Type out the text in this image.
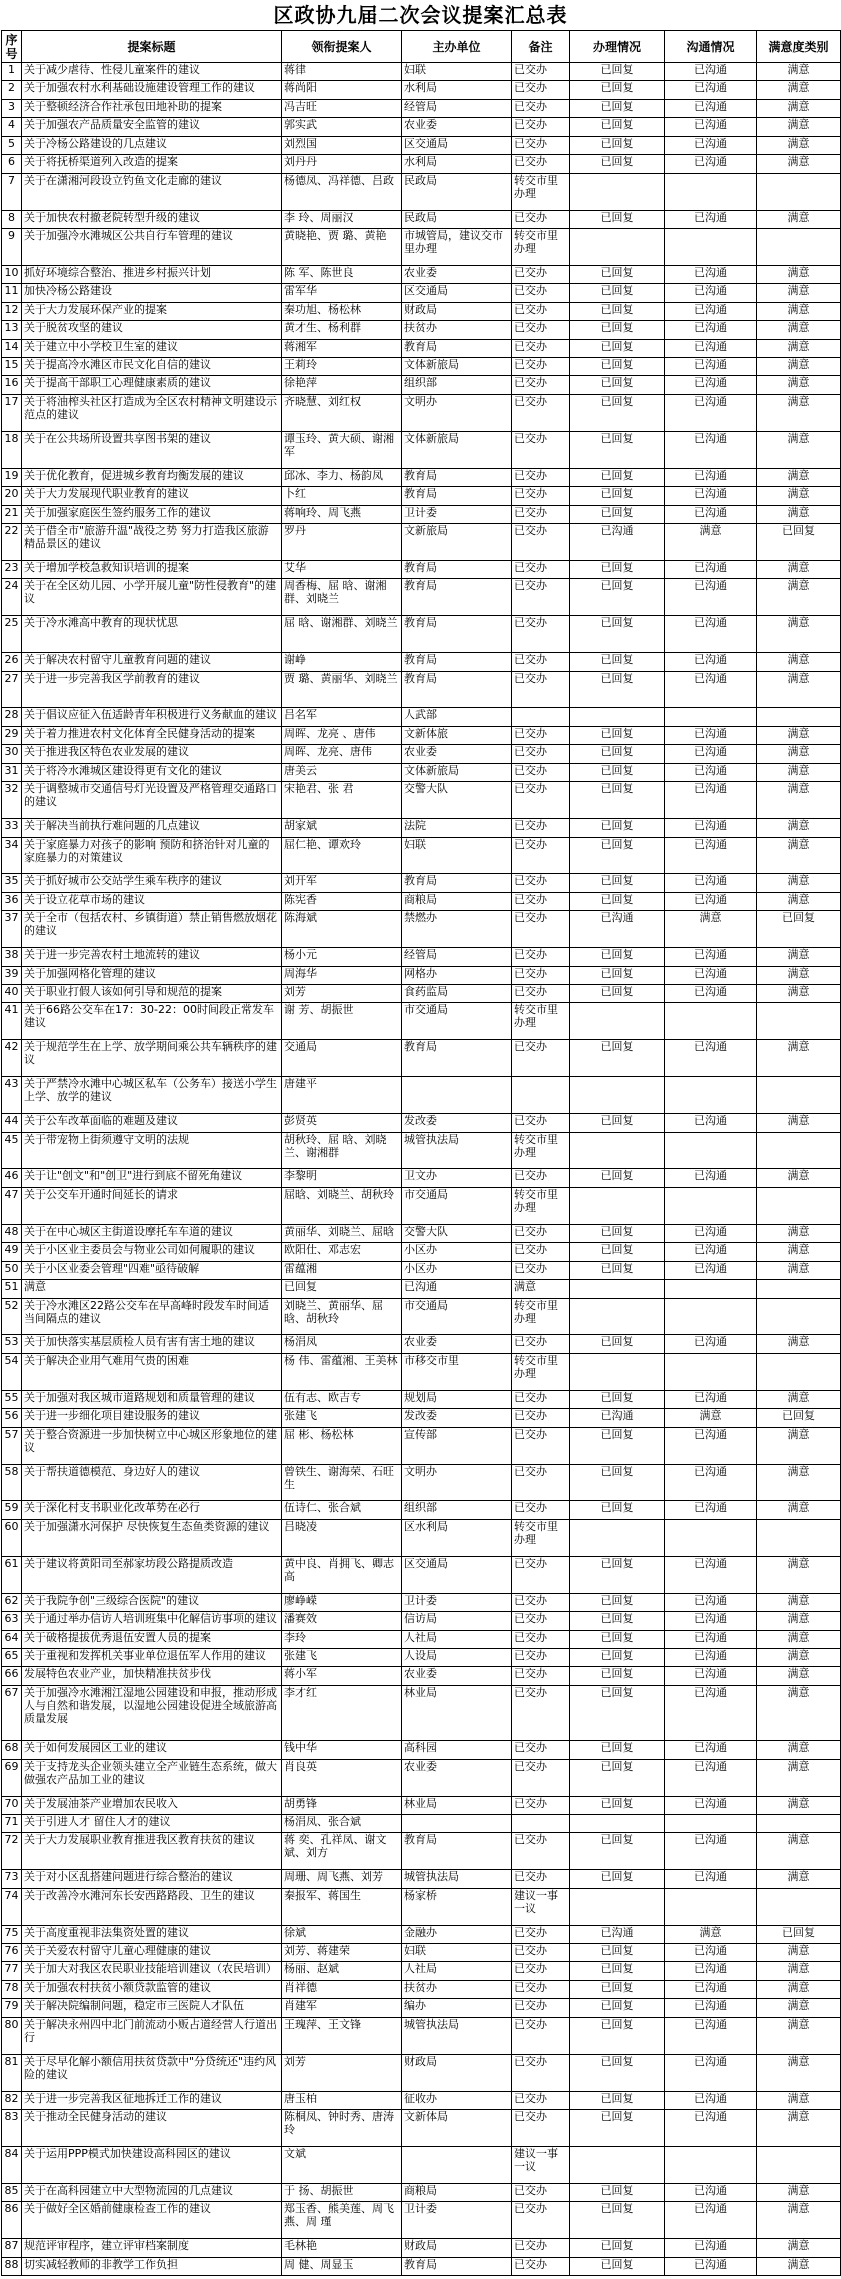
区政协九届二次会议提案汇总表
序号	提案标题	领衔提案人	主办单位	备注	办理情况	沟通情况	满意度类别
1	关于减少虐待、性侵儿童案件的建议	蒋律	妇联	已交办	已回复	已沟通	满意
2	关于加强农村水利基础设施建设管理工作的建议	蒋尚阳	水利局	已交办	已回复	已沟通	满意
3	关于整顿经济合作社承包田地补助的提案	冯吉旺	经管局	已交办	已回复	已沟通	满意
4	关于加强农产品质量安全监管的建议	郭实武	农业委	已交办	已回复	已沟通	满意
5	关于冷杨公路建设的几点建议	刘烈国	区交通局	已交办	已回复	已沟通	满意
6	关于将抚桥渠道列入改造的提案	刘丹丹	水利局	已交办	已回复	已沟通	满意
7	关于在潇湘河段设立钓鱼文化走廊的建议	杨德凤、冯祥德、吕政	民政局	转交市里办理			
8	关于加快农村撤老院转型升级的建议	李 玲、周丽汉	民政局	已交办	已回复	已沟通	满意
9	关于加强冷水滩城区公共自行车管理的建议	黄晓艳、贾 璐、黄艳	市城管局，建议交市里办理	转交市里办理			
10	抓好环境综合整治、推进乡村振兴计划	陈 军、陈世良	农业委	已交办	已回复	已沟通	满意
11	加快冷杨公路建设	雷军华	区交通局	已交办	已回复	已沟通	满意
12	关于大力发展环保产业的提案	秦功旭、杨松林	财政局	已交办	已回复	已沟通	满意
13	关于脱贫攻坚的建议	黄才生、杨利群	扶贫办	已交办	已回复	已沟通	满意
14	关于建立中小学校卫生室的建议	蒋湘军	教育局	已交办	已回复	已沟通	满意
15	关于提高冷水滩区市民文化自信的建议	王莉玲	文体新旅局	已交办	已回复	已沟通	满意
16	关于提高干部职工心理健康素质的建议	徐艳萍	组织部	已交办	已回复	已沟通	满意
17	关于将油榨头社区打造成为全区农村精神文明建设示范点的建议	齐晓慧、刘红权	文明办	已交办	已回复	已沟通	满意
18	关于在公共场所设置共享图书架的建议	谭玉玲、黄大硕、谢湘军	文体新旅局	已交办	已回复	已沟通	满意
19	关于优化教育，促进城乡教育均衡发展的建议	邱冰、李力、杨韵凤	教育局	已交办	已回复	已沟通	满意
20	关于大力发展现代职业教育的建议	卜红	教育局	已交办	已回复	已沟通	满意
21	关于加强家庭医生签约服务工作的建议	蒋响玲、周飞燕	卫计委	已交办	已回复	已沟通	满意
22	关于借全市"旅游升温"战役之势 努力打造我区旅游精品景区的建议	罗丹	文新旅局	已交办	已沟通	满意	已回复
23	关于增加学校急救知识培训的提案	艾华	教育局	已交办	已回复	已沟通	满意
24	关于在全区幼儿园、小学开展儿童"防性侵教育"的建议	周香梅、屈 晗、谢湘群、刘晓兰	教育局	已交办	已回复	已沟通	满意
25	关于冷水滩高中教育的现状忧思	屈 晗、谢湘群、刘晓兰	教育局	已交办	已回复	已沟通	满意
26	关于解决农村留守儿童教育问题的建议	谢峥	教育局	已交办	已回复	已沟通	满意
27	关于进一步完善我区学前教育的建议	贾 璐、黄丽华、刘晓兰	教育局	已交办	已回复	已沟通	满意
28	关于倡议应征入伍适龄青年积极进行义务献血的建议	吕名军	人武部				
29	关于着力推进农村文化体育全民健身活动的提案	周晖、龙亮 、唐伟	文新体旅	已交办	已回复	已沟通	满意
30	关于推进我区特色农业发展的建议	周晖、龙亮、唐伟	农业委	已交办	已回复	已沟通	满意
31	关于将冷水滩城区建设得更有文化的建议	唐美云	文体新旅局	已交办	已回复	已沟通	满意
32	关于调整城市交通信号灯光设置及严格管理交通路口的建议	宋艳君、张 君	交警大队	已交办	已回复	已沟通	满意
33	关于解决当前执行难问题的几点建议	胡家斌	法院	已交办	已回复	已沟通	满意
34	关于家庭暴力对孩子的影响 预防和挤治针对儿童的家庭暴力的对策建议	屈仁艳、谭欢玲	妇联	已交办	已回复	已沟通	满意
35	关于抓好城市公交站学生乘车秩序的建议	刘开军	教育局	已交办	已回复	已沟通	满意
36	关于设立花草市场的建议	陈宪香	商粮局	已交办	已回复	已沟通	满意
37	关于全市（包括农村、乡镇街道）禁止销售燃放烟花的建议	陈海斌	禁燃办	已交办	已沟通	满意	已回复
38	关于进一步完善农村土地流转的建议	杨小元	经管局	已交办	已回复	已沟通	满意
39	关于加强网格化管理的建议	周海华	网格办	已交办	已回复	已沟通	满意
40	关于职业打假人该如何引导和规范的提案	刘芳	食药监局	已交办	已回复	已沟通	满意
41	关于66路公交车在17：30-22：00时间段正常发车建议	谢 芳、胡振世	市交通局	转交市里办理			
42	关于规范学生在上学、放学期间乘公共车辆秩序的建议	交通局	教育局	已交办	已回复	已沟通	满意
43	关于严禁冷水滩中心城区私车（公务车）接送小学生上学、放学的建议	唐建平					
44	关于公车改革面临的难题及建议	彭贤英	发改委	已交办	已回复	已沟通	满意
45	关于带宠物上街须遵守文明的法规	胡秋玲、屈 晗、刘晓兰、谢湘群	城管执法局	转交市里办理			
46	关于让"创文"和"创卫"进行到底不留死角建议	李黎明	卫文办	已交办	已回复	已沟通	满意
47	关于公交车开通时间延长的请求	屈晗、刘晓兰、胡秋玲	市交通局	转交市里办理			
48	关于在中心城区主街道设摩托车车道的建议	黄丽华、刘晓兰、屈晗	交警大队	已交办	已回复	已沟通	满意
49	关于小区业主委员会与物业公司如何履职的建议	欧阳仕、邓志宏	小区办	已交办	已回复	已沟通	满意
50	关于小区业委会管理"四难"亟待破解	雷蕴湘	小区办	已交办	已回复	已沟通	满意
51	满意	已回复	已沟通	满意			
52	关于冷水滩区22路公交车在早高峰时段发车时间适当间隔点的建议	刘晓兰、黄丽华、屈晗、胡秋玲	市交通局	转交市里办理			
53	关于加快落实基层质检人员有害有害土地的建议	杨涓凤	农业委	已交办	已回复	已沟通	满意
54	关于解决企业用气难用气贵的困难	杨 伟、雷蕴湘、王美林	市移交市里	转交市里办理			
55	关于加强对我区城市道路规划和质量管理的建议	伍有志、欧吉专	规划局	已交办	已回复	已沟通	满意
56	关于进一步细化项目建设服务的建议	张建飞	发改委	已交办	已沟通	满意	已回复
57	关于整合资源进一步加快树立中心城区形象地位的建议	屈 彬、杨松林	宣传部	已交办	已回复	已沟通	满意
58	关于帮扶道德模范、身边好人的建议	曾铁生、谢海荣、石旺生	文明办	已交办	已回复	已沟通	满意
59	关于深化村支书职业化改革势在必行	伍诗仁、张合斌	组织部	已交办	已回复	已沟通	满意
60	关于加强潇水河保护 尽快恢复生态鱼类资源的建议	吕晓凌	区水利局	转交市里办理			
61	关于建议将黄阳司至郝家坊段公路提质改造	黄中良、肖拥飞、卿志高	区交通局	已交办	已回复	已沟通	满意
62	关于我院争创"三级综合医院"的建议	廖峥嵘	卫计委	已交办	已回复	已沟通	满意
63	关于通过举办信访人培训班集中化解信访事项的建议	潘赛效	信访局	已交办	已回复	已沟通	满意
64	关于破格提拔优秀退伍安置人员的提案	李玲	人社局	已交办	已回复	已沟通	满意
65	关于重视和发挥机关事业单位退伍军人作用的建议	张建飞	人设局	已交办	已回复	已沟通	满意
66	发展特色农业产业，加快精准扶贫步伐	蒋小军	农业委	已交办	已回复	已沟通	满意
67	关于加强冷水滩湘江湿地公园建设和申报，推动形成人与自然和谐发展，以湿地公园建设促进全域旅游高质量发展	李才红	林业局	已交办	已回复	已沟通	满意
68	关于如何发展园区工业的建议	钱中华	高科园	已交办	已回复	已沟通	满意
69	关于支持龙头企业领头建立全产业链生态系统，做大做强农产品加工业的建议	肖良英	农业委	已交办	已回复	已沟通	满意
70	关于发展油茶产业增加农民收入	胡勇锋	林业局	已交办	已回复	已沟通	满意
71	关于引进人才 留住人才的建议	杨涓凤、张合斌					
72	关于大力发展职业教育推进我区教育扶贫的建议	蒋 奕、孔祥凤、谢文斌、刘方	教育局	已交办	已回复	已沟通	满意
73	关于对小区乱搭建问题进行综合整治的建议	周珊、周飞燕、刘芳	城管执法局	已交办	已回复	已沟通	满意
74	关于改善冷水滩河东长安西路路段、卫生的建议	秦报军、蒋国生	杨家桥	建议一事一议			
75	关于高度重视非法集资处置的建议	徐斌	金融办	已交办	已沟通	满意	已回复
76	关于关爱农村留守儿童心理健康的建议	刘芳、蒋建荣	妇联	已交办	已回复	已沟通	满意
77	关于加大对我区农民职业技能培训建议（农民培训）	杨丽、赵斌	人社局	已交办	已回复	已沟通	满意
78	关于加强农村扶贫小额贷款监管的建议	肖祥德	扶贫办	已交办	已回复	已沟通	满意
79	关于解决院编制问题，稳定市三医院人才队伍	肖建军	编办	已交办	已回复	已沟通	满意
80	关于解决永州四中北门前流动小贩占道经营人行道出行	王瑰萍、王文锋	城管执法局	已交办	已回复	已沟通	满意
81	关于尽早化解小额信用扶贫贷款中"分贷统还"违约风险的建议	刘芳	财政局	已交办	已回复	已沟通	满意
82	关于进一步完善我区征地拆迁工作的建议	唐玉柏	征收办	已交办	已回复	已沟通	满意
83	关于推动全民健身活动的建议	陈桐凤、钟时秀、唐涛玲	文新体局	已交办	已回复	已沟通	满意
84	关于运用PPP模式加快建设高科园区的建议	文斌		建议一事一议			
85	关于在高科园建立中大型物流园的几点建议	于 扬、胡振世	商粮局	已交办	已回复	已沟通	满意
86	关于做好全区婚前健康检查工作的建议	郑玉香、熊美莲、周飞燕、周 瑾	卫计委	已交办	已回复	已沟通	满意
87	规范评审程序，建立评审档案制度	毛林艳	财政局	已交办	已回复	已沟通	满意
88	切实减轻教师的非教学工作负担	周 健、周显玉	教育局	已交办	已回复	已沟通	满意
